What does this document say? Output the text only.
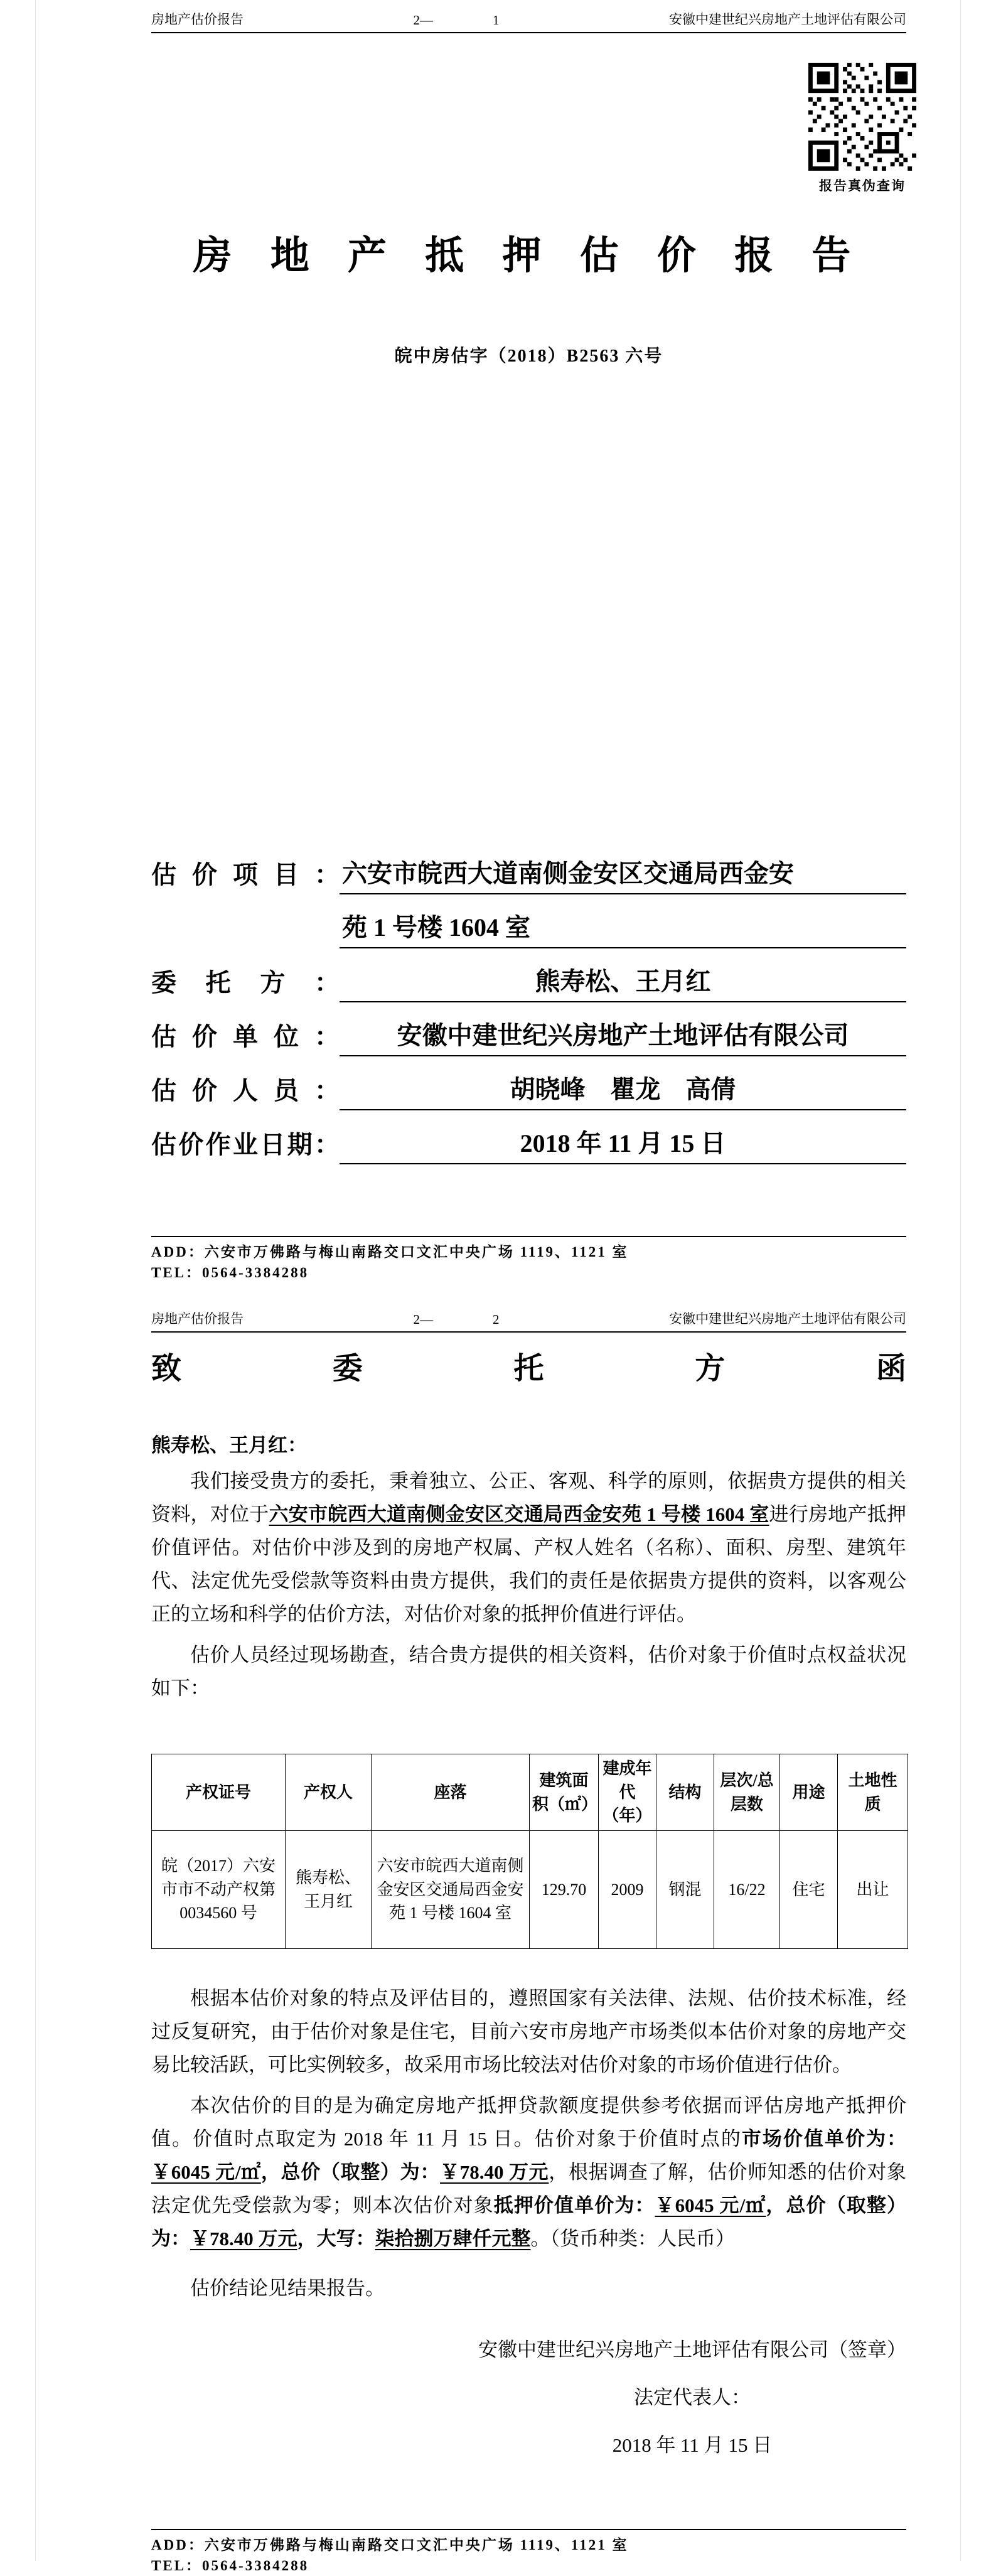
房地产估价报告	2—	1	安徽中建世纪兴房地产土地评估有限公司
报告真伪查询
房 地 产 抵 押 估 价 报 告
皖中房估字（2018）B2563 六号
估价项目： 六安市皖西大道南侧金安区交通局西金安
苑 1 号楼 1604 室
委托方：	熊寿松、王月红
估价单位：	安徽中建世纪兴房地产土地评估有限公司
估价人员：	胡晓峰　瞿龙　高倩
估价作业日期：	2018 年 11 月 15 日
ADD：六安市万佛路与梅山南路交口文汇中央广场 1119、1121 室
TEL：0564-3384288
房地产估价报告	2—	2	安徽中建世纪兴房地产土地评估有限公司
致委托方函
熊寿松、王月红：

我们接受贵方的委托，秉着独立、公正、客观、科学的原则，依据贵方提供的相关资料，对位于六安市皖西大道南侧金安区交通局西金安苑 1 号楼 1604 室进行房地产抵押价值评估。对估价中涉及到的房地产权属、产权人姓名（名称）、面积、房型、建筑年代、法定优先受偿款等资料由贵方提供，我们的责任是依据贵方提供的资料，以客观公正的立场和科学的估价方法，对估价对象的抵押价值进行评估。

估价人员经过现场勘查，结合贵方提供的相关资料，估价对象于价值时点权益状况如下：

产权证号	产权人	座落	建筑面积（㎡）	建成年代（年）	结构	层次/总层数	用途	土地性质
皖（2017）六安市市不动产权第 0034560 号	熊寿松、王月红	六安市皖西大道南侧金安区交通局西金安苑 1 号楼 1604 室	129.70	2009	钢混	16/22	住宅	出让

根据本估价对象的特点及评估目的，遵照国家有关法律、法规、估价技术标准，经过反复研究，由于估价对象是住宅，目前六安市房地产市场类似本估价对象的房地产交易比较活跃，可比实例较多，故采用市场比较法对估价对象的市场价值进行估价。

本次估价的目的是为确定房地产抵押贷款额度提供参考依据而评估房地产抵押价值。价值时点取定为 2018 年 11 月 15 日。估价对象于价值时点的市场价值单价为：￥6045 元/㎡，总价（取整）为：￥78.40 万元，根据调查了解，估价师知悉的估价对象法定优先受偿款为零；则本次估价对象抵押价值单价为：￥6045 元/㎡，总价（取整）为：￥78.40 万元，大写：柒拾捌万肆仟元整。（货币种类：人民币）

估价结论见结果报告。

安徽中建世纪兴房地产土地评估有限公司（签章）
法定代表人：
2018 年 11 月 15 日
ADD：六安市万佛路与梅山南路交口文汇中央广场 1119、1121 室
TEL：0564-3384288
